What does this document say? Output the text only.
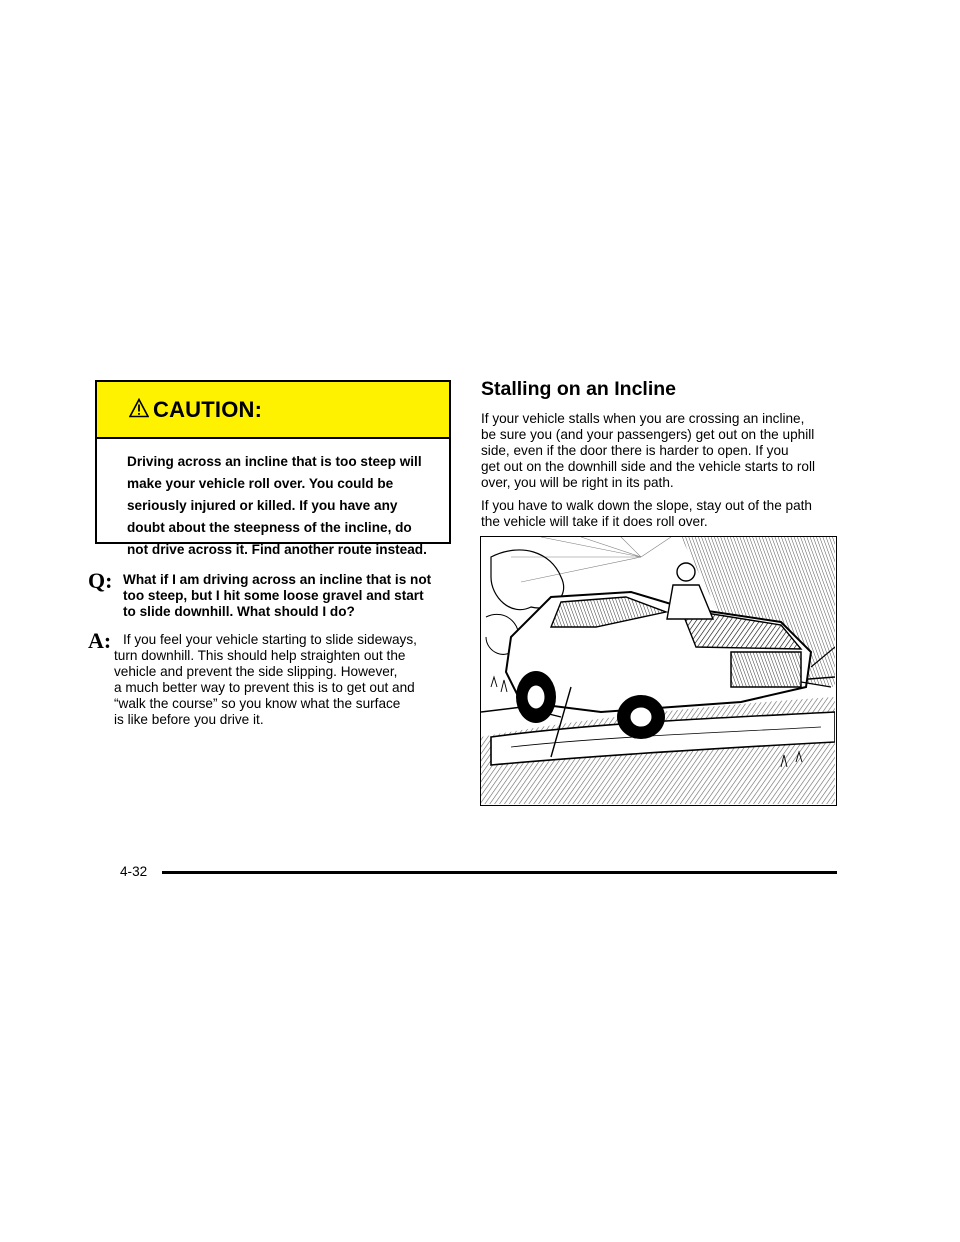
CAUTION:
Driving across an incline that is too steep will
make your vehicle roll over. You could be
seriously injured or killed. If you have any
doubt about the steepness of the incline, do
not drive across it. Find another route instead.
Q: What if I am driving across an incline that is not
too steep, but I hit some loose gravel and start
to slide downhill. What should I do?
A: If you feel your vehicle starting to slide sideways,
turn downhill. This should help straighten out the
vehicle and prevent the side slipping. However,
a much better way to prevent this is to get out and
“walk the course” so you know what the surface
is like before you drive it.
Stalling on an Incline
If your vehicle stalls when you are crossing an incline,
be sure you (and your passengers) get out on the uphill
side, even if the door there is harder to open. If you
get out on the downhill side and the vehicle starts to roll
over, you will be right in its path.
If you have to walk down the slope, stay out of the path
the vehicle will take if it does roll over.
4-32
